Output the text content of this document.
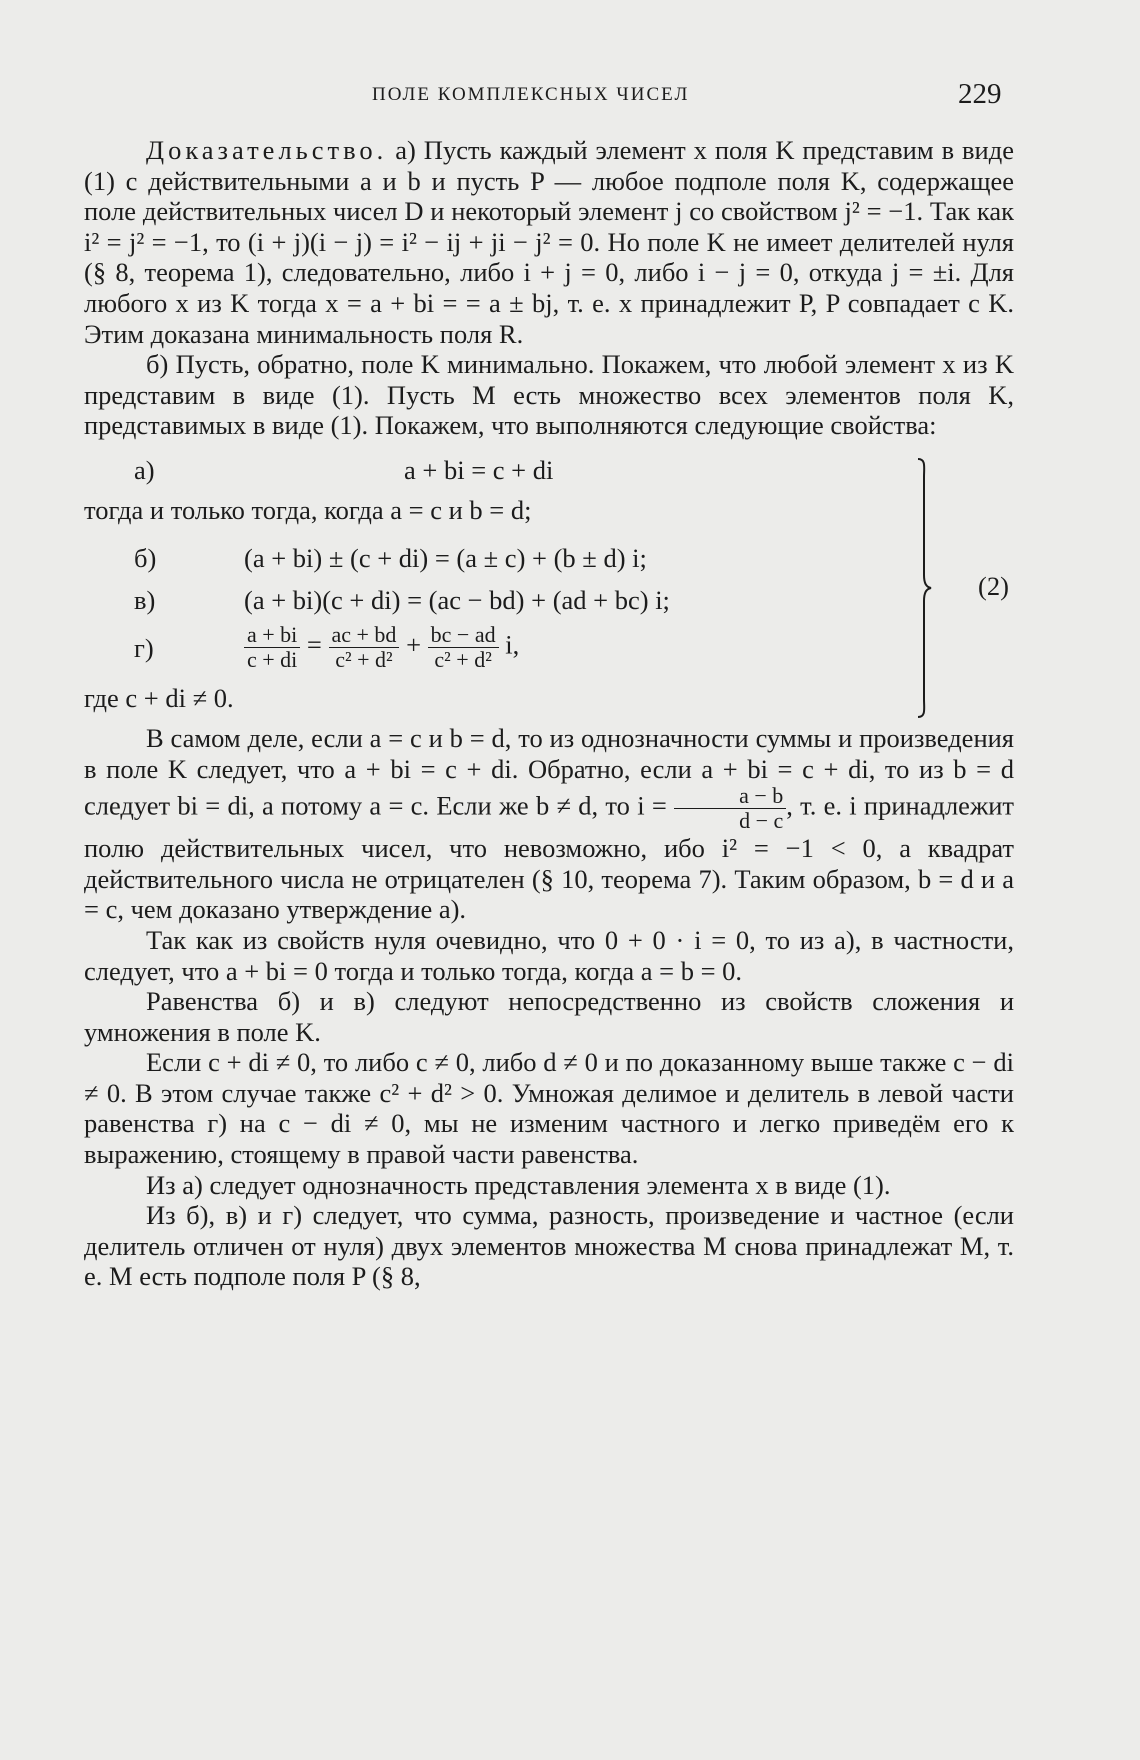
ПОЛЕ КОМПЛЕКСНЫХ ЧИСЕЛ	229

Доказательство. а) Пусть каждый элемент x поля K представим в виде (1) с действительными a и b и пусть P — любое подполе поля K, содержащее поле действительных чисел D и некоторый элемент j со свойством j² = −1. Так как i² = j² = −1, то (i + j)(i − j) = i² − ij + ji − j² = 0. Но поле K не имеет делителей нуля (§ 8, теорема 1), следовательно, либо i + j = 0, либо i − j = 0, откуда j = ±i. Для любого x из K тогда x = a + bi = = a ± bj, т. е. x принадлежит P, P совпадает с K. Этим доказана минимальность поля R.

б) Пусть, обратно, поле K минимально. Покажем, что любой элемент x из K представим в виде (1). Пусть M есть множество всех элементов поля K, представимых в виде (1). Покажем, что выполняются следующие свойства:

а)	a + bi = c + di
тогда и только тогда, когда a = c и b = d;
б)	(a + bi) ± (c + di) = (a ± c) + (b ± d) i;
в)	(a + bi)(c + di) = (ac − bd) + (ad + bc) i;
г)	$\frac{a + bi}{c + di} = \frac{ac + bd}{\text{c² + d²}} + \frac{bc - ad}{\text{c² + d²}} i$,
где c + di ≠ 0.
(2)

В самом деле, если a = c и b = d, то из однозначности суммы и произведения в поле K следует, что a + bi = c + di. Обратно, если a + bi = c + di, то из b = d следует bi = di, а потому a = c. Если же b ≠ d, то $i = \frac{a - b}{d - c}$ , т. е. i принадлежит полю действительных чисел, что невозможно, ибо i² = −1 < 0, а квадрат действительного числа не отрицателен (§ 10, теорема 7). Таким образом, b = d и a = c, чем доказано утверждение а).

Так как из свойств нуля очевидно, что 0 + 0 · i = 0, то из а), в частности, следует, что a + bi = 0 тогда и только тогда, когда a = b = 0.

Равенства б) и в) следуют непосредственно из свойств сложения и умножения в поле K.

Если c + di ≠ 0, то либо c ≠ 0, либо d ≠ 0 и по доказанному выше также c − di ≠ 0. В этом случае также c² + d² > 0. Умножая делимое и делитель в левой части равенства г) на c − di ≠ 0, мы не изменим частного и легко приведём его к выражению, стоящему в правой части равенства.

Из а) следует однозначность представления элемента x в виде (1).

Из б), в) и г) следует, что сумма, разность, произведение и частное (если делитель отличен от нуля) двух элементов множества M снова принадлежат M, т. е. M есть подполе поля P (§ 8,
